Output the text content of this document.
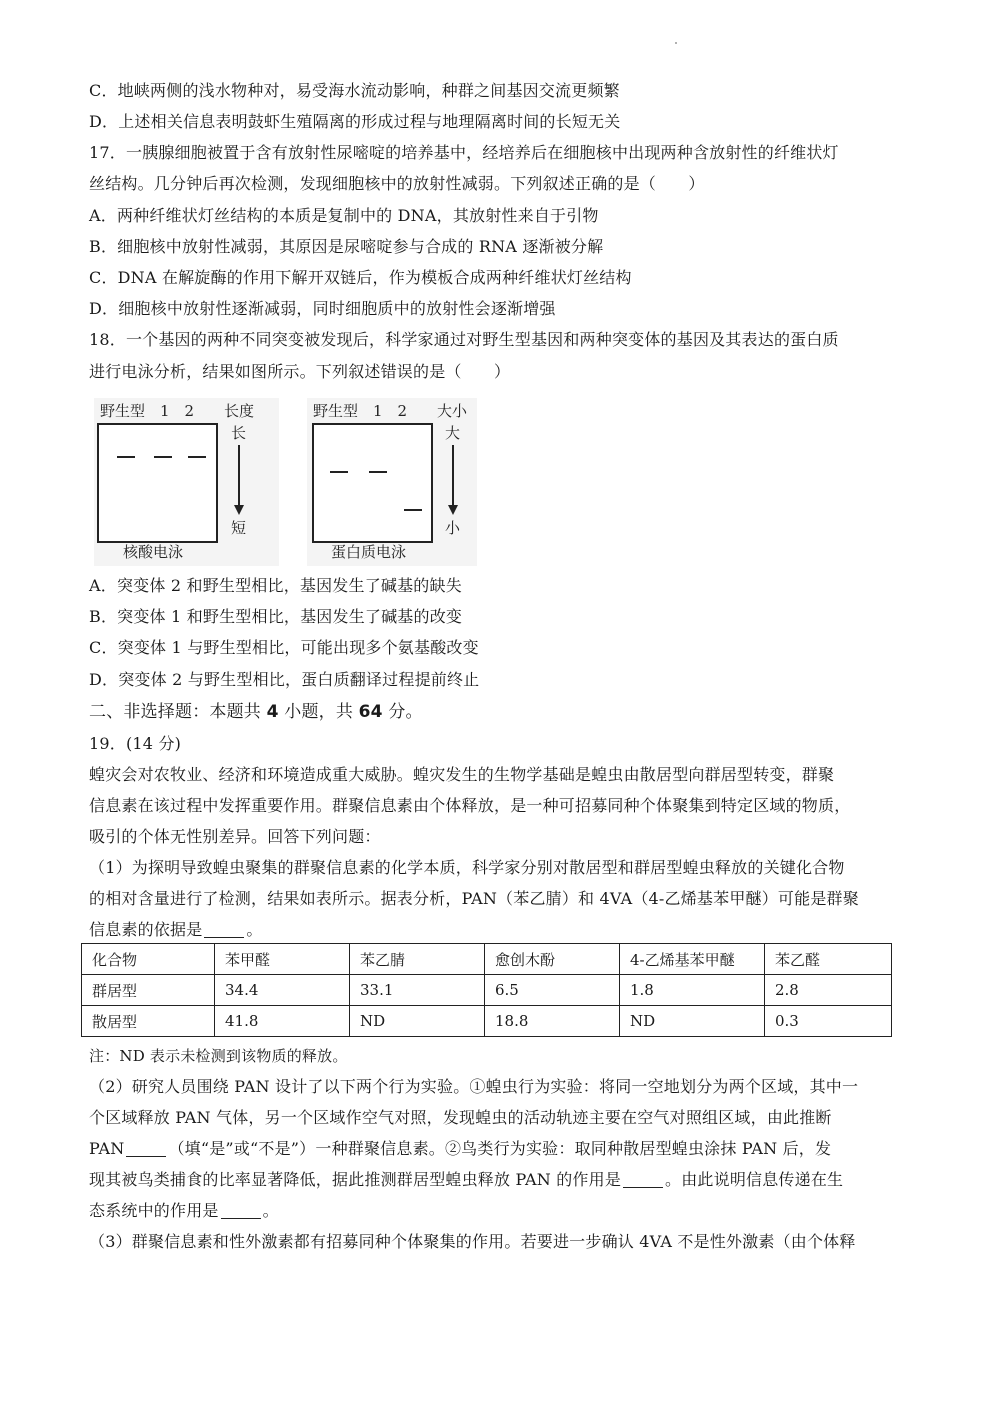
C．地峡两侧的浅水物种对，易受海水流动影响，种群之间基因交流更频繁
D．上述相关信息表明鼓虾生殖隔离的形成过程与地理隔离时间的长短无关
17．一胰腺细胞被置于含有放射性尿嘧啶的培养基中，经培养后在细胞核中出现两种含放射性的纤维状灯
丝结构。几分钟后再次检测，发现细胞核中的放射性减弱。下列叙述正确的是（　　）
A．两种纤维状灯丝结构的本质是复制中的 DNA，其放射性来自于引物
B．细胞核中放射性减弱，其原因是尿嘧啶参与合成的 RNA 逐渐被分解
C．DNA 在解旋酶的作用下解开双链后，作为模板合成两种纤维状灯丝结构
D．细胞核中放射性逐渐减弱，同时细胞质中的放射性会逐渐增强
18．一个基因的两种不同突变被发现后，科学家通过对野生型基因和两种突变体的基因及其表达的蛋白质
进行电泳分析，结果如图所示。下列叙述错误的是（　　）
野生型　1　2 长度
长
短
核酸电泳
野生型　1　2 大小
大
小
蛋白质电泳
A．突变体 2 和野生型相比，基因发生了碱基的缺失
B．突变体 1 和野生型相比，基因发生了碱基的改变
C．突变体 1 与野生型相比，可能出现多个氨基酸改变
D．突变体 2 与野生型相比，蛋白质翻译过程提前终止
二、非选择题：本题共 4 小题，共 64 分。
19．(14 分)
蝗灾会对农牧业、经济和环境造成重大威胁。蝗灾发生的生物学基础是蝗虫由散居型向群居型转变，群聚
信息素在该过程中发挥重要作用。群聚信息素由个体释放，是一种可招募同种个体聚集到特定区域的物质，
吸引的个体无性别差异。回答下列问题：
（1）为探明导致蝗虫聚集的群聚信息素的化学本质，科学家分别对散居型和群居型蝗虫释放的关键化合物
的相对含量进行了检测，结果如表所示。据表分析，PAN（苯乙腈）和 4VA（4-乙烯基苯甲醚）可能是群聚
信息素的依据是	。
化合物	苯甲醛	苯乙腈	愈创木酚	4-乙烯基苯甲醚	苯乙醛
群居型	34.4	33.1	6.5	1.8	2.8
散居型	41.8	ND	18.8	ND	0.3
注：ND 表示未检测到该物质的释放。
（2）研究人员围绕 PAN 设计了以下两个行为实验。①蝗虫行为实验：将同一空地划分为两个区域，其中一
个区域释放 PAN 气体，另一个区域作空气对照，发现蝗虫的活动轨迹主要在空气对照组区域，由此推断
PAN	（填“是”或“不是”）一种群聚信息素。②鸟类行为实验：取同种散居型蝗虫涂抹 PAN 后，发
现其被鸟类捕食的比率显著降低，据此推测群居型蝗虫释放 PAN 的作用是	。由此说明信息传递在生
态系统中的作用是	。
（3）群聚信息素和性外激素都有招募同种个体聚集的作用。若要进一步确认 4VA 不是性外激素（由个体释
